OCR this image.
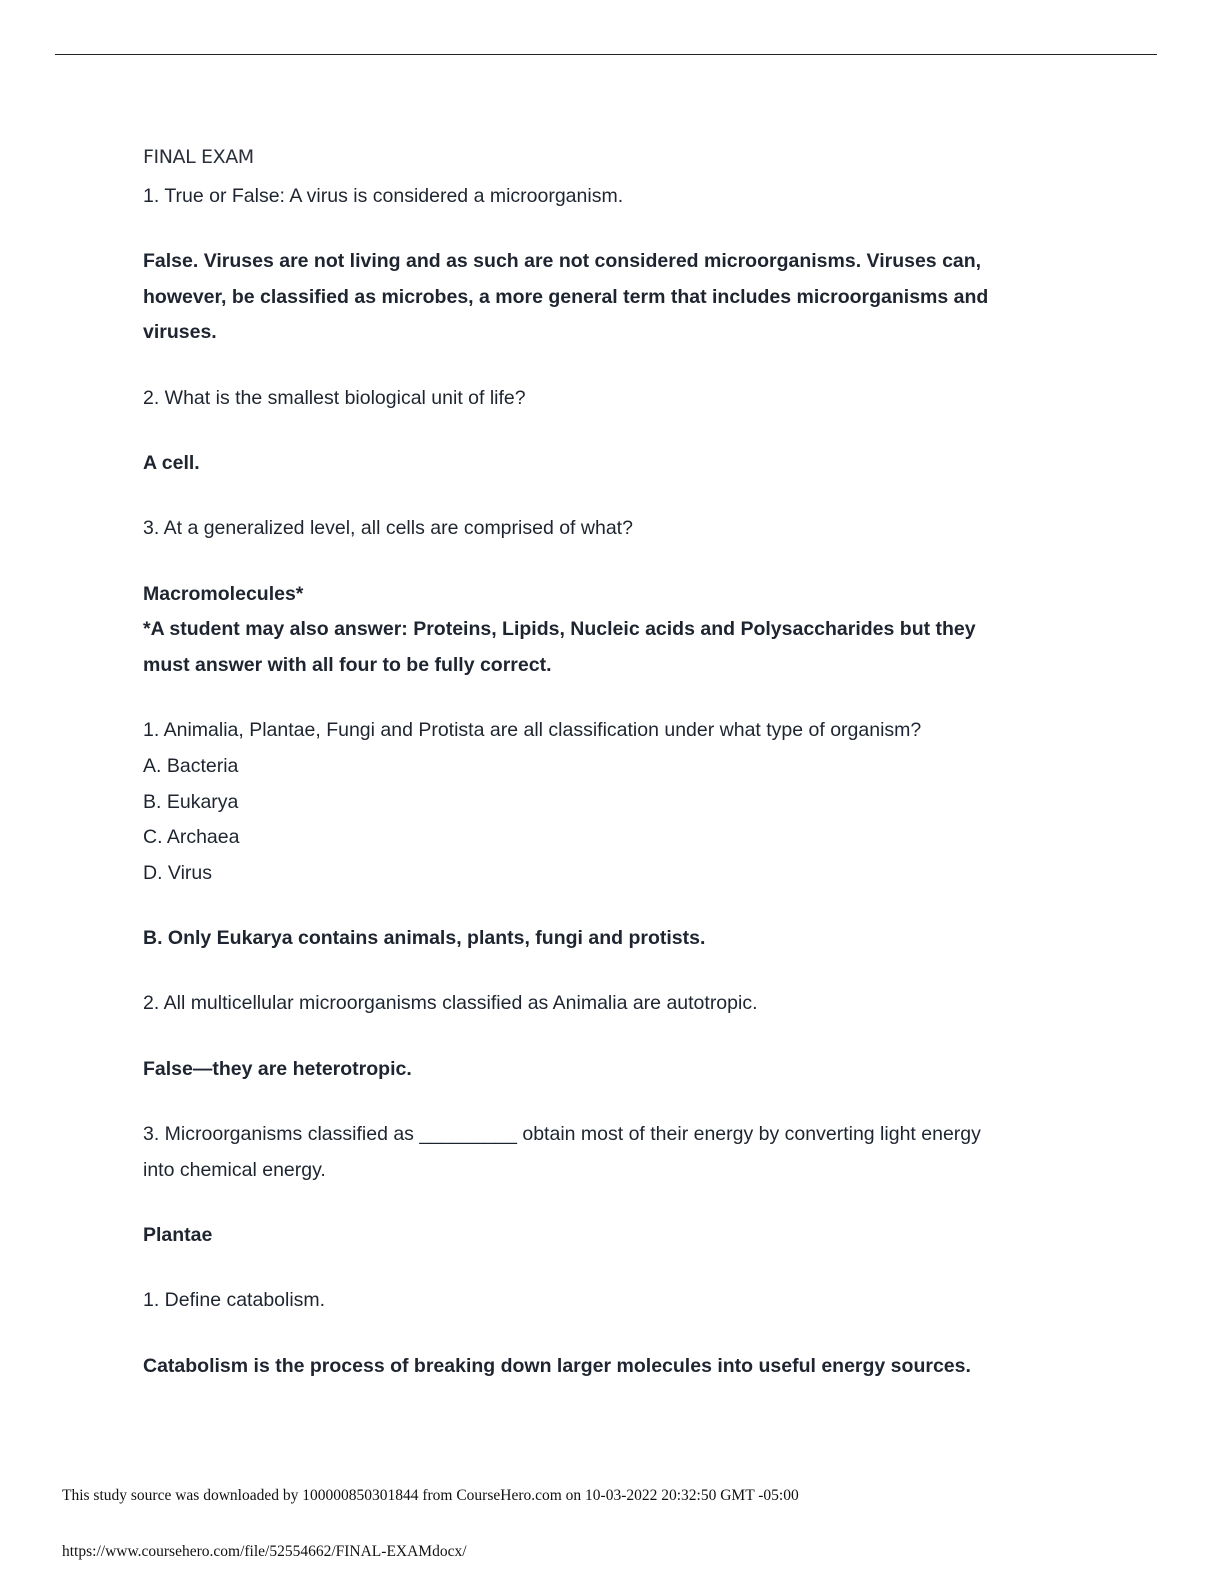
FINAL EXAM
1. True or False: A virus is considered a microorganism.
False. Viruses are not living and as such are not considered microorganisms. Viruses can,
however, be classified as microbes, a more general term that includes microorganisms and
viruses.
2. What is the smallest biological unit of life?
A cell.
3. At a generalized level, all cells are comprised of what?
Macromolecules*
*A student may also answer: Proteins, Lipids, Nucleic acids and Polysaccharides but they
must answer with all four to be fully correct.
1. Animalia, Plantae, Fungi and Protista are all classification under what type of organism?
A. Bacteria
B. Eukarya
C. Archaea
D. Virus
B. Only Eukarya contains animals, plants, fungi and protists.
2. All multicellular microorganisms classified as Animalia are autotropic.
False—they are heterotropic.
3. Microorganisms classified as _________ obtain most of their energy by converting light energy
into chemical energy.
Plantae
1. Define catabolism.
Catabolism is the process of breaking down larger molecules into useful energy sources.
This study source was downloaded by 100000850301844 from CourseHero.com on 10-03-2022 20:32:50 GMT -05:00
https://www.coursehero.com/file/52554662/FINAL-EXAMdocx/
